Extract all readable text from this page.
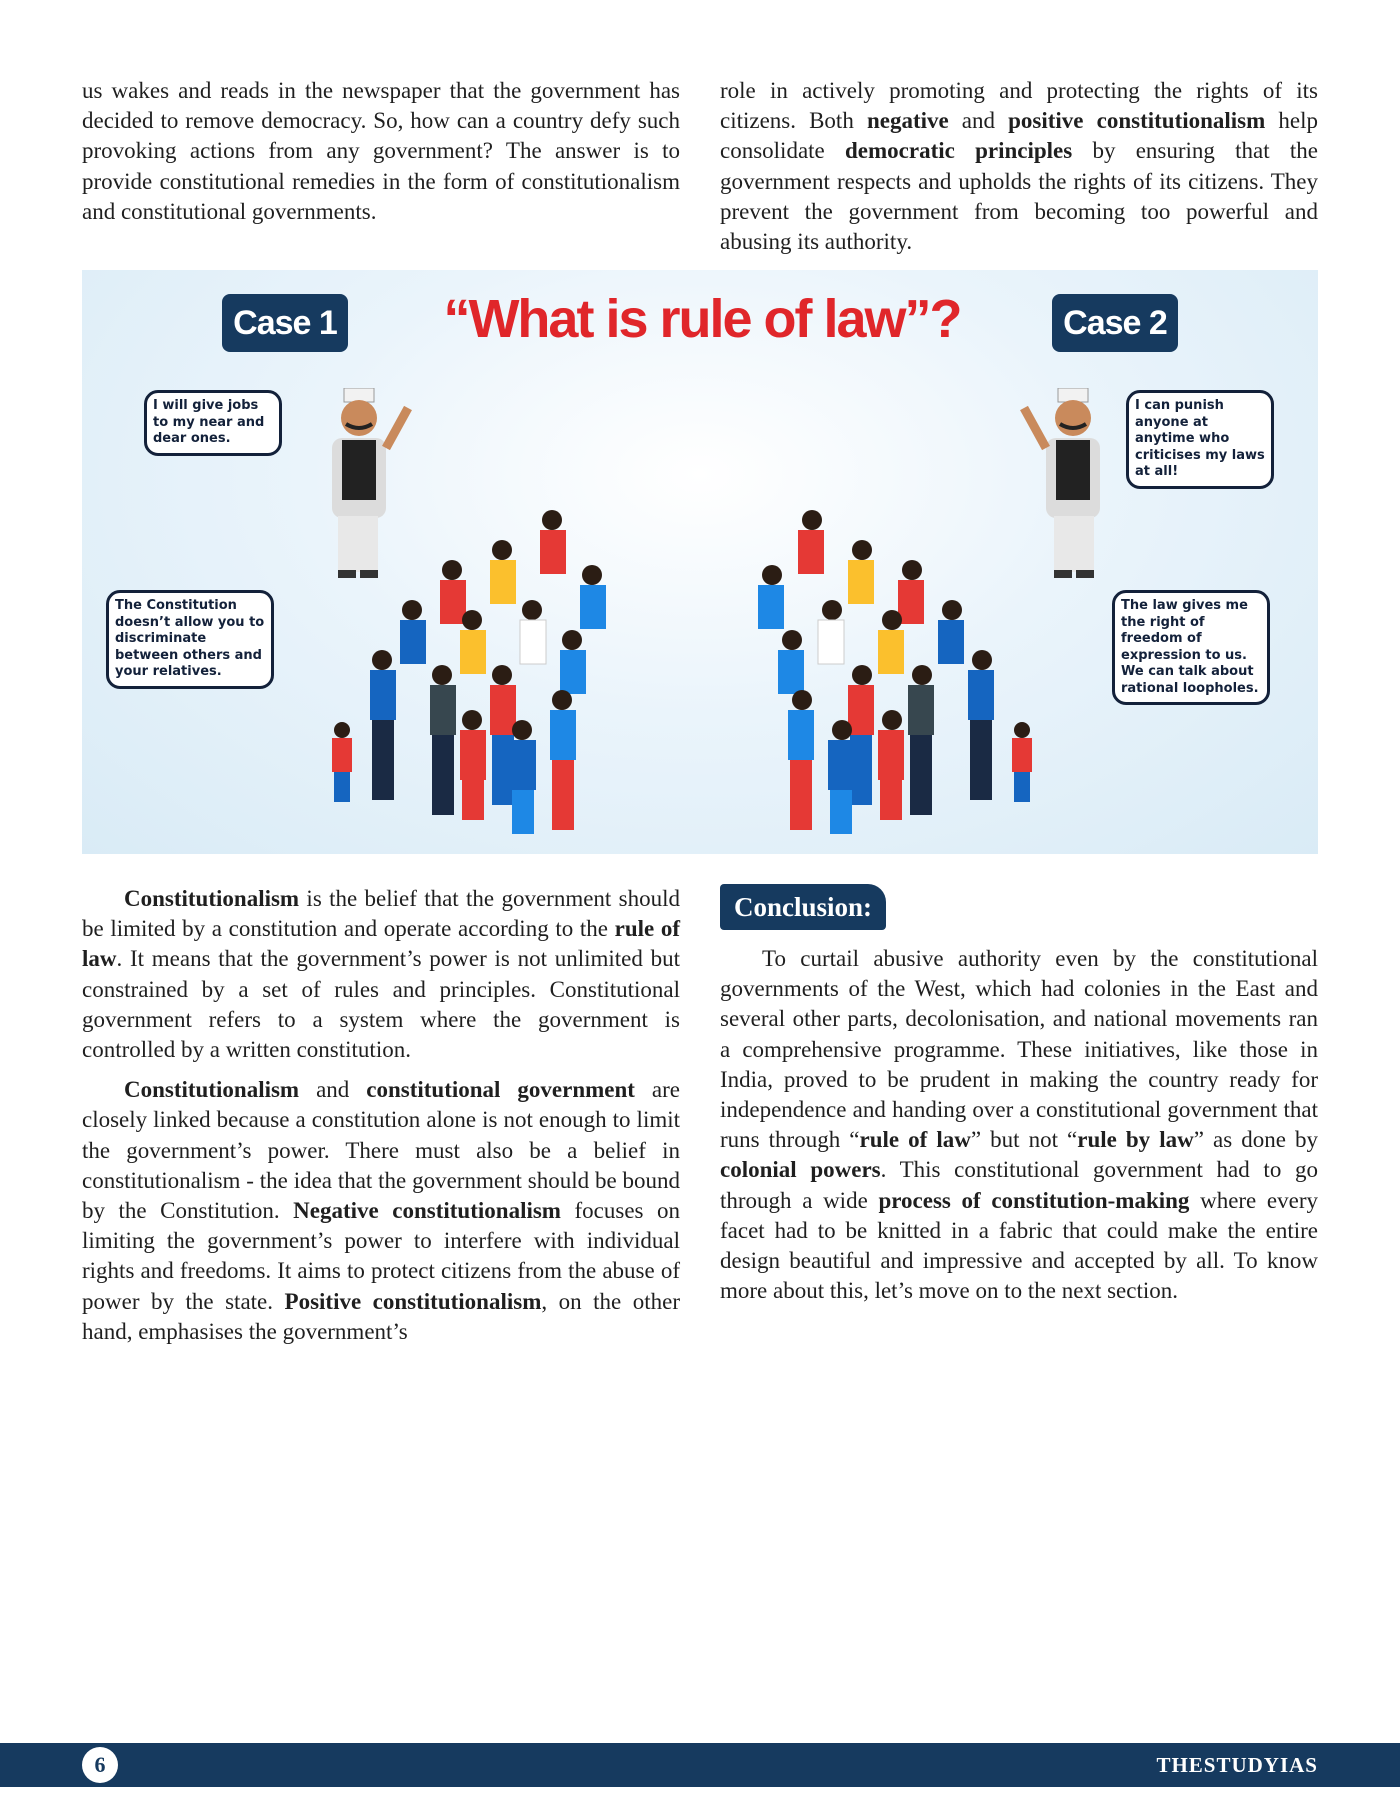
us wakes and reads in the newspaper that the government has decided to remove democracy. So, how can a country defy such provoking actions from any government? The answer is to provide constitutional remedies in the form of constitutionalism and constitutional governments.

role in actively promoting and protecting the rights of its citizens. Both negative and positive constitutionalism help consolidate democratic principles by ensuring that the government respects and upholds the rights of its citizens. They prevent the government from becoming too powerful and abusing its authority.

Case 1	“What is rule of law”?	Case 2
I will give jobs to my near and dear ones.
The Constitution doesn’t allow you to discriminate between others and your relatives.
I can punish anyone at anytime who criticises my laws at all!
The law gives me the right of freedom of expression to us. We can talk about rational loopholes.

Constitutionalism is the belief that the government should be limited by a constitution and operate according to the rule of law. It means that the government’s power is not unlimited but constrained by a set of rules and principles. Constitutional government refers to a system where the government is controlled by a written constitution.

Constitutionalism and constitutional government are closely linked because a constitution alone is not enough to limit the government’s power. There must also be a belief in constitutionalism - the idea that the government should be bound by the Constitution. Negative constitutionalism focuses on limiting the government’s power to interfere with individual rights and freedoms. It aims to protect citizens from the abuse of power by the state. Positive constitutionalism, on the other hand, emphasises the government’s

Conclusion:

To curtail abusive authority even by the constitutional governments of the West, which had colonies in the East and several other parts, decolonisation, and national movements ran a comprehensive programme. These initiatives, like those in India, proved to be prudent in making the country ready for independence and handing over a constitutional government that runs through “rule of law” but not “rule by law” as done by colonial powers. This constitutional government had to go through a wide process of constitution-making where every facet had to be knitted in a fabric that could make the entire design beautiful and impressive and accepted by all. To know more about this, let’s move on to the next section.

6	THESTUDYIAS
